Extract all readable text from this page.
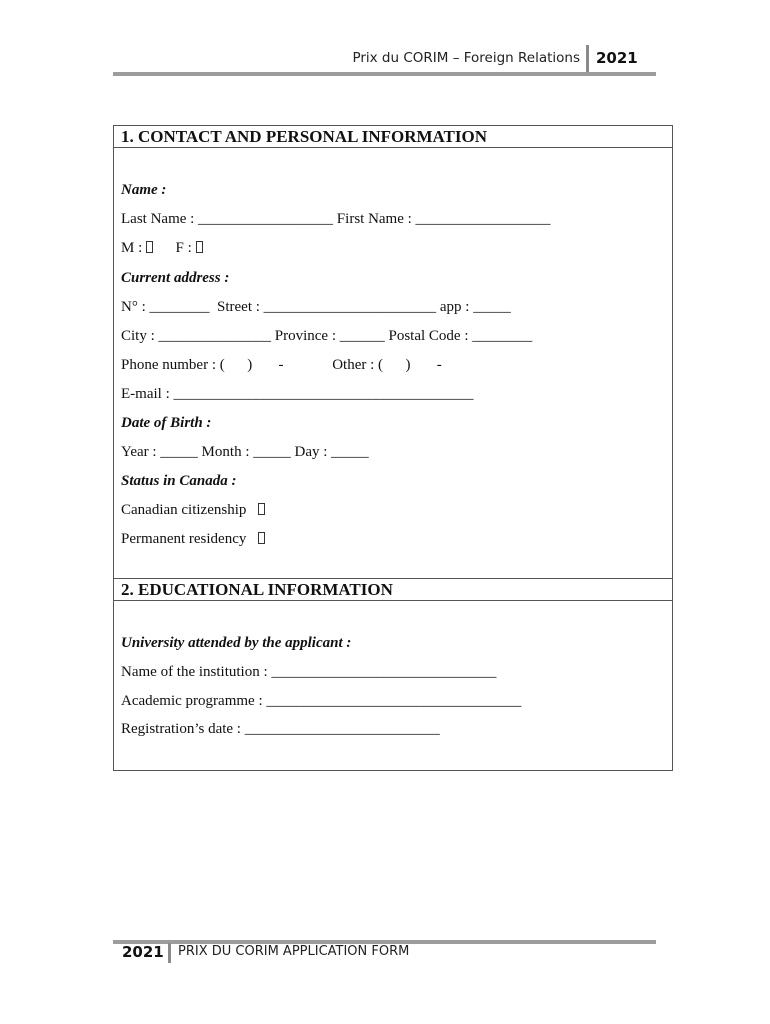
Prix du CORIM – Foreign Relations 2021
1. CONTACT AND PERSONAL INFORMATION
Name :
Last Name : __________________ First Name : __________________
M : F :
Current address :
N° : ________  Street : _______________________ app : _____
City : _______________ Province : ______ Postal Code : ________
Phone number : (      )       -             Other : (      )       -
E-mail : ________________________________________
Date of Birth :
Year : _____ Month : _____ Day : _____
Status in Canada :
Canadian citizenship
Permanent residency
2. EDUCATIONAL INFORMATION
University attended by the applicant :
Name of the institution : ______________________________
Academic programme : __________________________________
Registration’s date : __________________________
2021 PRIX DU CORIM APPLICATION FORM
